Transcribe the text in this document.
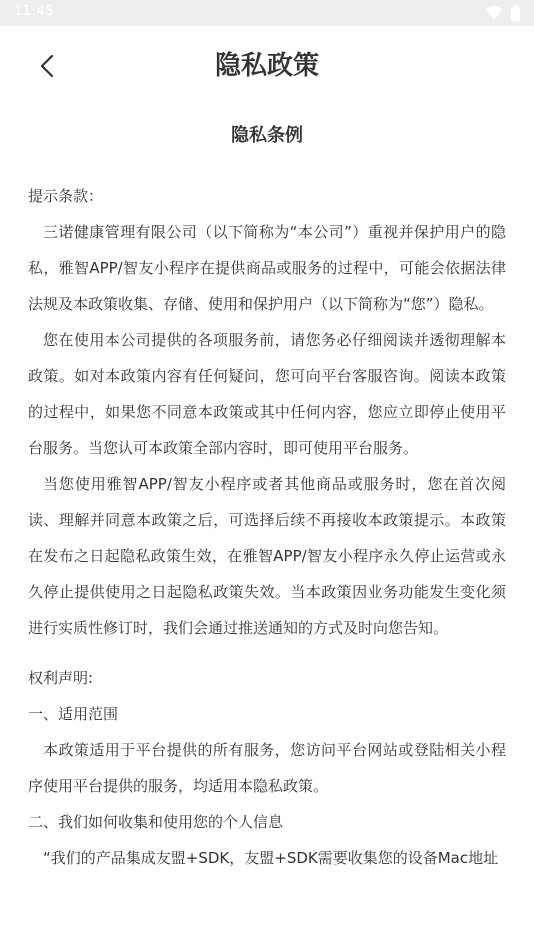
11:45
隐私政策

隐私条例

提示条款：

三诺健康管理有限公司（以下简称为“本公司”）重视并保护用户的隐私，雅智APP/智友小程序在提供商品或服务的过程中，可能会依据法律法规及本政策收集、存储、使用和保护用户（以下简称为“您”）隐私。

您在使用本公司提供的各项服务前，请您务必仔细阅读并透彻理解本政策。如对本政策内容有任何疑问，您可向平台客服咨询。阅读本政策的过程中，如果您不同意本政策或其中任何内容，您应立即停止使用平台服务。当您认可本政策全部内容时，即可使用平台服务。

当您使用雅智APP/智友小程序或者其他商品或服务时，您在首次阅读、理解并同意本政策之后，可选择后续不再接收本政策提示。本政策在发布之日起隐私政策生效，在雅智APP/智友小程序永久停止运营或永久停止提供使用之日起隐私政策失效。当本政策因业务功能发生变化须进行实质性修订时，我们会通过推送通知的方式及时向您告知。

权利声明:

一、适用范围

本政策适用于平台提供的所有服务，您访问平台网站或登陆相关小程序使用平台提供的服务，均适用本隐私政策。

二、我们如何收集和使用您的个人信息

“我们的产品集成友盟+SDK，友盟+SDK需要收集您的设备Mac地址
